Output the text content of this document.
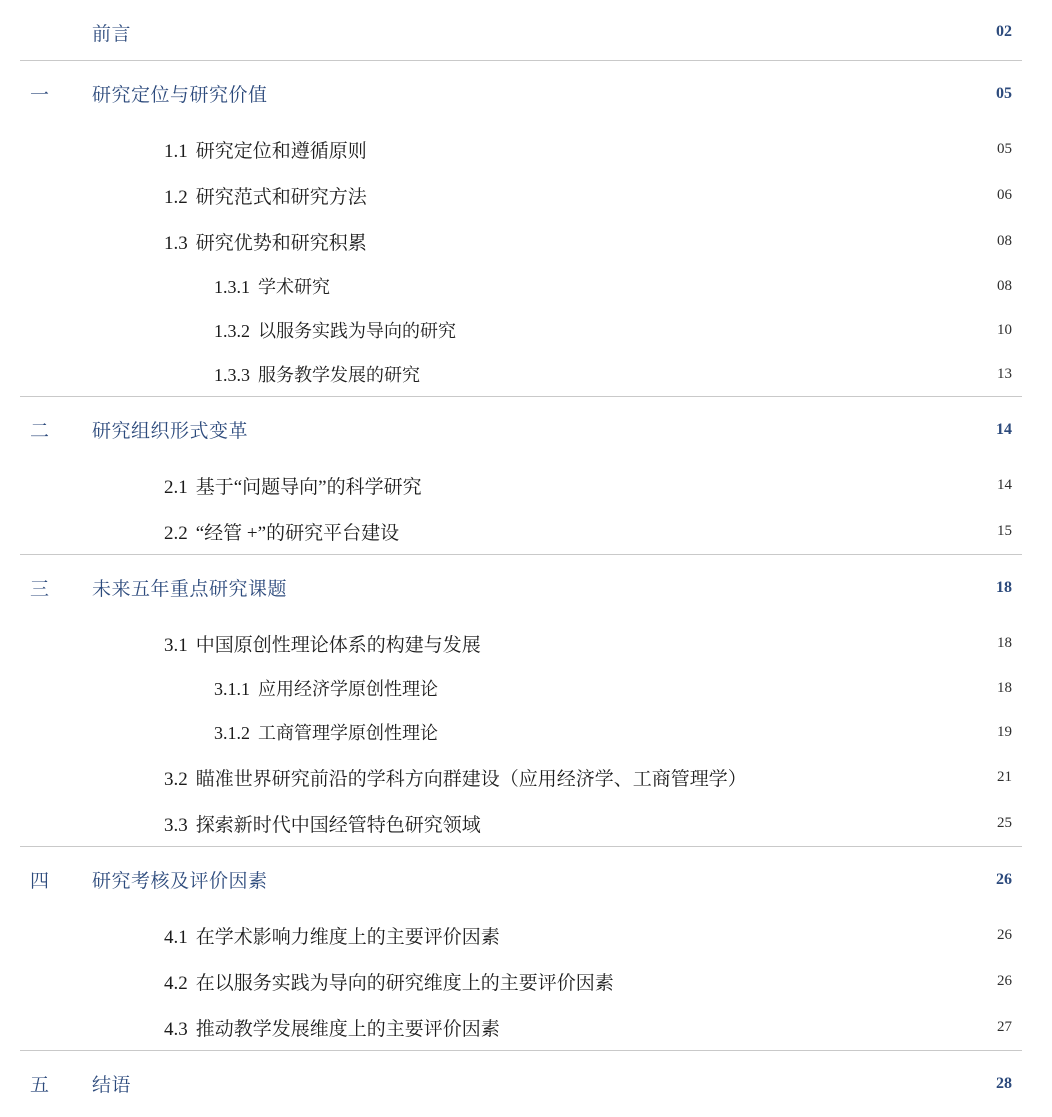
前言	02
一	研究定位与研究价值	05
1.1 研究定位和遵循原则	05
1.2 研究范式和研究方法	06
1.3 研究优势和研究积累	08
1.3.1 学术研究	08
1.3.2 以服务实践为导向的研究	10
1.3.3 服务教学发展的研究	13
二	研究组织形式变革	14
2.1 基于“问题导向”的科学研究	14
2.2 “经管 +”的研究平台建设	15
三	未来五年重点研究课题	18
3.1 中国原创性理论体系的构建与发展	18
3.1.1 应用经济学原创性理论	18
3.1.2 工商管理学原创性理论	19
3.2 瞄准世界研究前沿的学科方向群建设（应用经济学、工商管理学）	21
3.3 探索新时代中国经管特色研究领域	25
四	研究考核及评价因素	26
4.1 在学术影响力维度上的主要评价因素	26
4.2 在以服务实践为导向的研究维度上的主要评价因素	26
4.3 推动教学发展维度上的主要评价因素	27
五	结语	28
